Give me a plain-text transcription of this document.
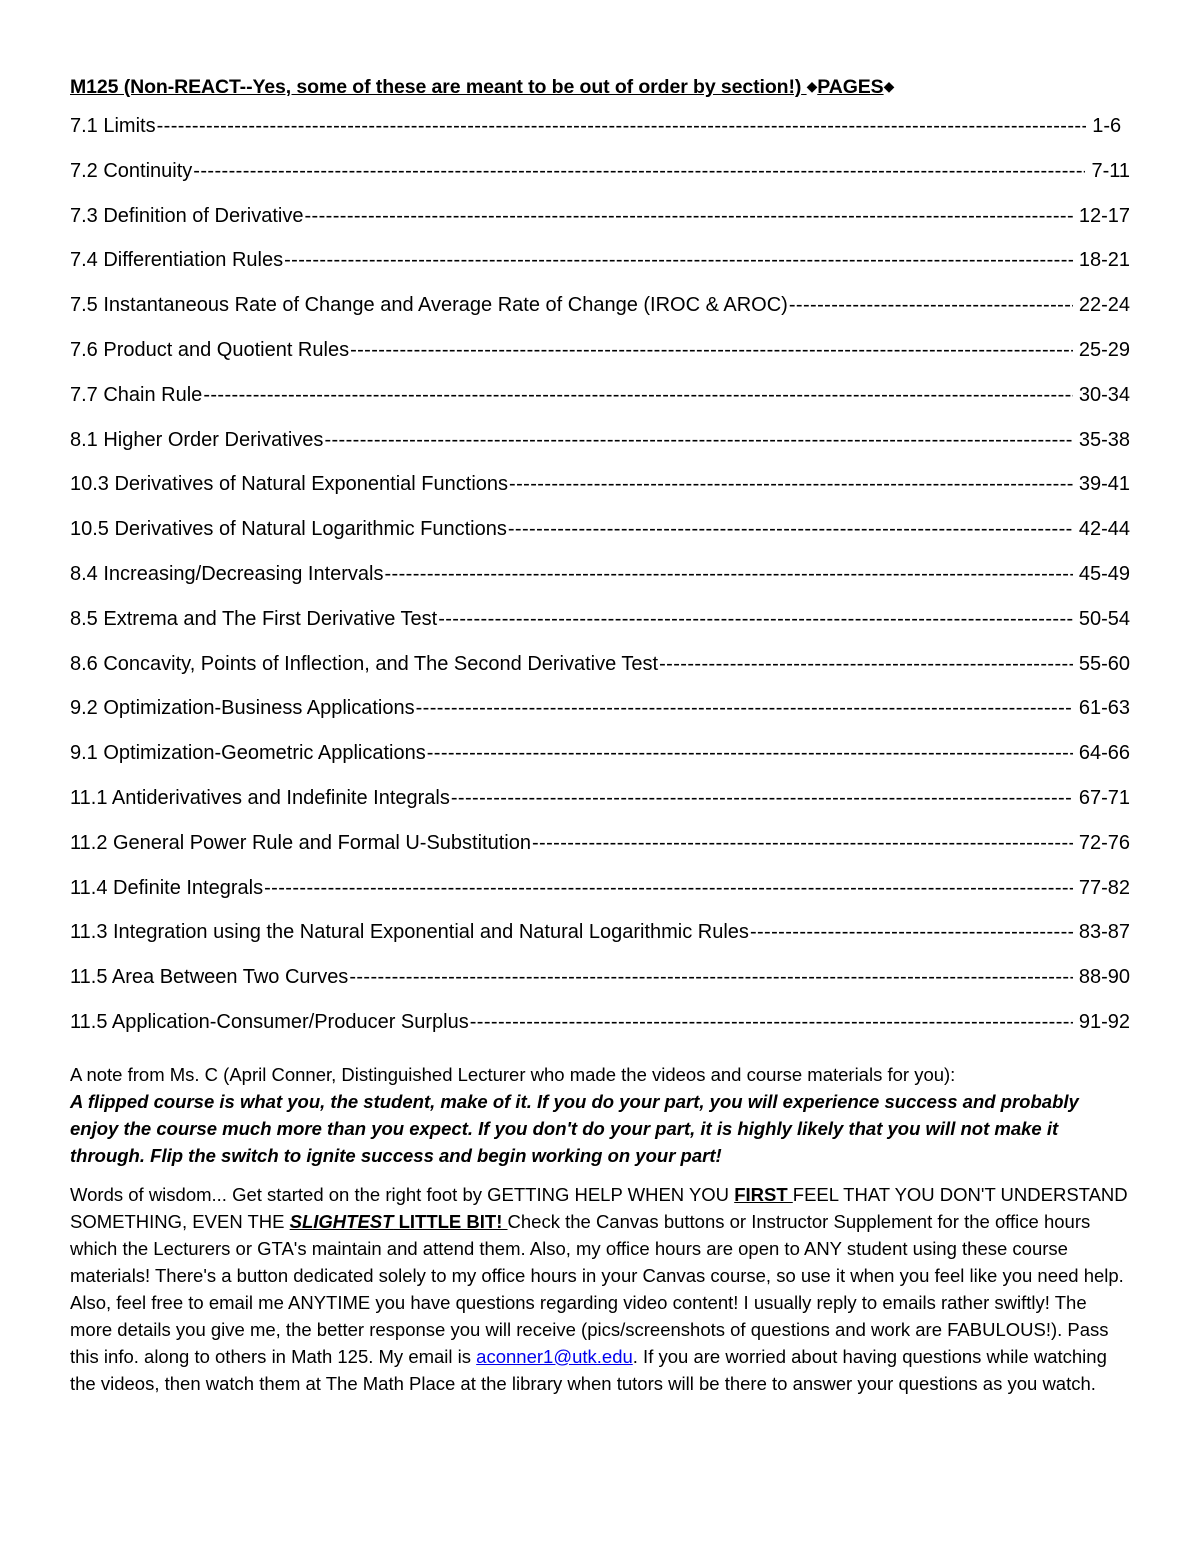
M125 (Non-REACT--Yes, some of these are meant to be out of order by section!) ◆PAGES◆
7.1 Limits -----	1-6
7.2 Continuity -----	7-11
7.3 Definition of Derivative -----	12-17
7.4 Differentiation Rules -----	18-21
7.5 Instantaneous Rate of Change and Average Rate of Change (IROC & AROC) -----	22-24
7.6 Product and Quotient Rules -----	25-29
7.7 Chain Rule -----	30-34
8.1 Higher Order Derivatives -----	35-38
10.3 Derivatives of Natural Exponential Functions -----	39-41
10.5 Derivatives of Natural Logarithmic Functions -----	42-44
8.4 Increasing/Decreasing Intervals -----	45-49
8.5 Extrema and The First Derivative Test -----	50-54
8.6 Concavity, Points of Inflection, and The Second Derivative Test -----	55-60
9.2 Optimization-Business Applications -----	61-63
9.1 Optimization-Geometric Applications -----	64-66
11.1 Antiderivatives and Indefinite Integrals -----	67-71
11.2 General Power Rule and Formal U-Substitution -----	72-76
11.4 Definite Integrals -----	77-82
11.3 Integration using the Natural Exponential and Natural Logarithmic Rules -----	83-87
11.5 Area Between Two Curves -----	88-90
11.5 Application-Consumer/Producer Surplus -----	91-92
A note from Ms. C (April Conner, Distinguished Lecturer who made the videos and course materials for you):
A flipped course is what you, the student, make of it. If you do your part, you will experience success and probably enjoy the course much more than you expect. If you don't do your part, it is highly likely that you will not make it through. Flip the switch to ignite success and begin working on your part!
Words of wisdom... Get started on the right foot by GETTING HELP WHEN YOU FIRST FEEL THAT YOU DON'T UNDERSTAND SOMETHING, EVEN THE SLIGHTEST LITTLE BIT! Check the Canvas buttons or Instructor Supplement for the office hours which the Lecturers or GTA's maintain and attend them. Also, my office hours are open to ANY student using these course materials! There's a button dedicated solely to my office hours in your Canvas course, so use it when you feel like you need help. Also, feel free to email me ANYTIME you have questions regarding video content! I usually reply to emails rather swiftly! The more details you give me, the better response you will receive (pics/screenshots of questions and work are FABULOUS!). Pass this info. along to others in Math 125. My email is aconner1@utk.edu. If you are worried about having questions while watching the videos, then watch them at The Math Place at the library when tutors will be there to answer your questions as you watch.
